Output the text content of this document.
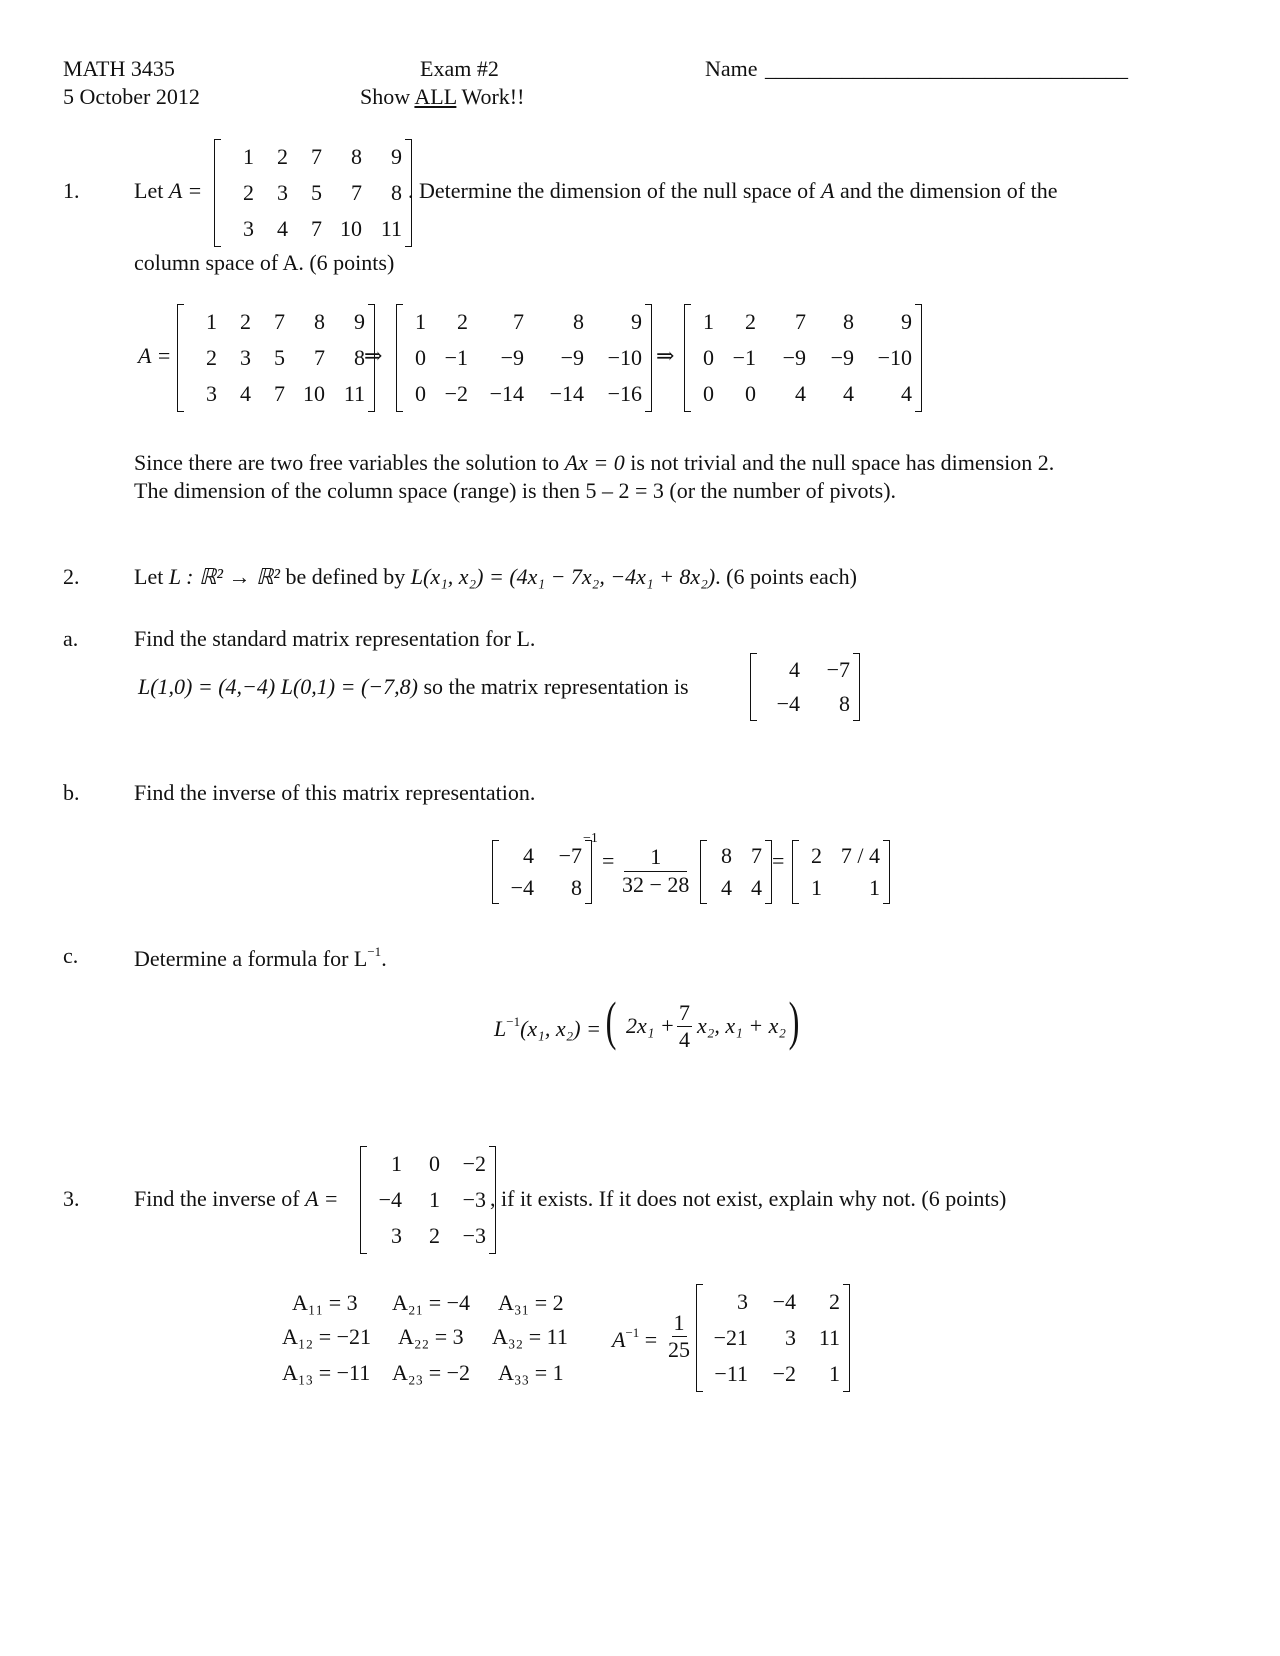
MATH 3435
5 October 2012
Exam #2
Show ALL Work!!
Name _________________________________
1. Let A =
1 2 7 8 9
2 3 5 7 8
3 4 7 10 11
. Determine the dimension of the null space of A and the dimension of the
column space of A. (6 points)
A =
1 2 7 8 9
2 3 5 7 8
3 4 7 10 11
⇒
1 2 7 8 9
0 −1 −9 −9 −10
0 −2 −14 −14 −16
⇒
1 2 7 8 9
0 −1 −9 −9 −10
0 0 4 4 4
Since there are two free variables the solution to Ax = 0 is not trivial and the null space has dimension 2.
The dimension of the column space (range) is then 5 – 2 = 3 (or the number of pivots).
2. Let L : ℝ² → ℝ² be defined by L(x₁, x₂) = (4x₁ − 7x₂, −4x₁ + 8x₂). (6 points each)
a.	Find the standard matrix representation for L.
L(1,0) = (4,−4) L(0,1) = (−7,8) so the matrix representation is
4 −7
−4 8
b. Find the inverse of this matrix representation.
4 −7
−4 8
−1
= $\frac{1}{32 - 28} 8$ 7
4 4
= 2 7 / 4
1 1
c.	Determine a formula for $L^{-1}$.
$L^{-1}(x_1$, x₂) = ( $2x_1 + \frac{7}{4} x_2$, x₁ + x₂ )
3. Find the inverse of A =
1 0 −2
−4 1 −3
3 2 −3
, if it exists. If it does not exist, explain why not. (6 points)
A₁₁ = 3 A₂₁ = −4 A₃₁ = 2
A₁₂ = −21 A₂₂ = 3 A₃₂ = 11
A₁₃ = −11 A₂₃ = −2 A₃₃ = 1
$A^{-1} = \frac{1}{25}$
3 −4 2
−21 3 11
−11 −2 1
